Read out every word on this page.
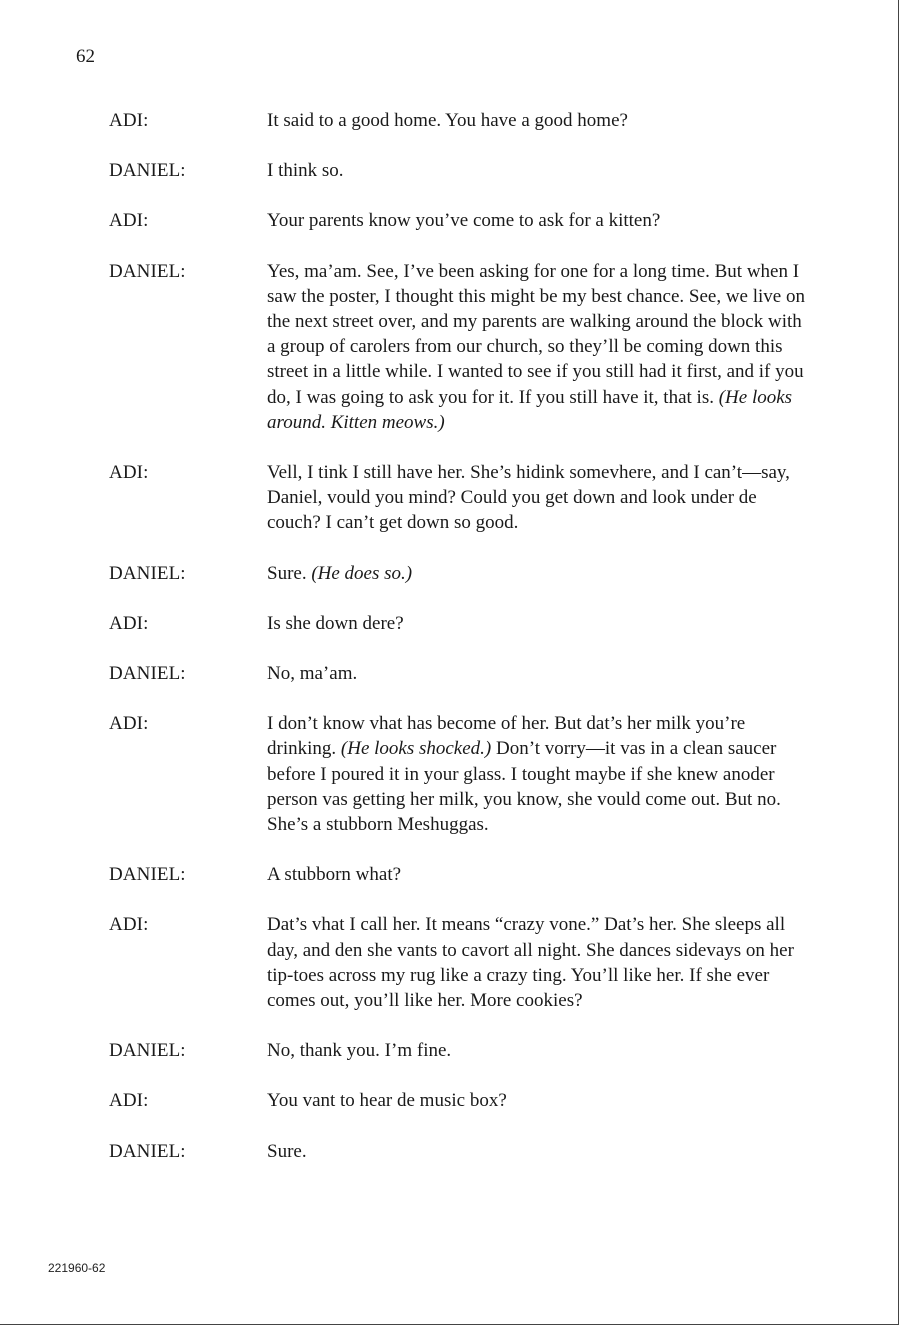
62
ADI:	It said to a good home. You have a good home?
DANIEL:	I think so.
ADI:	Your parents know you’ve come to ask for a kitten?
DANIEL:	Yes, ma’am. See, I’ve been asking for one for a long time. But when I saw the poster, I thought this might be my best chance. See, we live on the next street over, and my parents are walking around the block with a group of carolers from our church, so they’ll be coming down this street in a little while. I wanted to see if you still had it first, and if you do, I was going to ask you for it. If you still have it, that is. (He looks around. Kitten meows.)
ADI:	Vell, I tink I still have her. She’s hidink somevhere, and I can’t—say, Daniel, vould you mind? Could you get down and look under de couch? I can’t get down so good.
DANIEL:	Sure. (He does so.)
ADI:	Is she down dere?
DANIEL:	No, ma’am.
ADI:	I don’t know vhat has become of her. But dat’s her milk you’re drinking. (He looks shocked.) Don’t vorry—it vas in a clean saucer before I poured it in your glass. I tought maybe if she knew anoder person vas getting her milk, you know, she vould come out. But no. She’s a stubborn Meshuggas.
DANIEL:	A stubborn what?
ADI:	Dat’s vhat I call her. It means “crazy vone.” Dat’s her. She sleeps all day, and den she vants to cavort all night. She dances sidevays on her tip-toes across my rug like a crazy ting. You’ll like her. If she ever comes out, you’ll like her. More cookies?
DANIEL:	No, thank you. I’m fine.
ADI:	You vant to hear de music box?
DANIEL:	Sure.
221960-62
